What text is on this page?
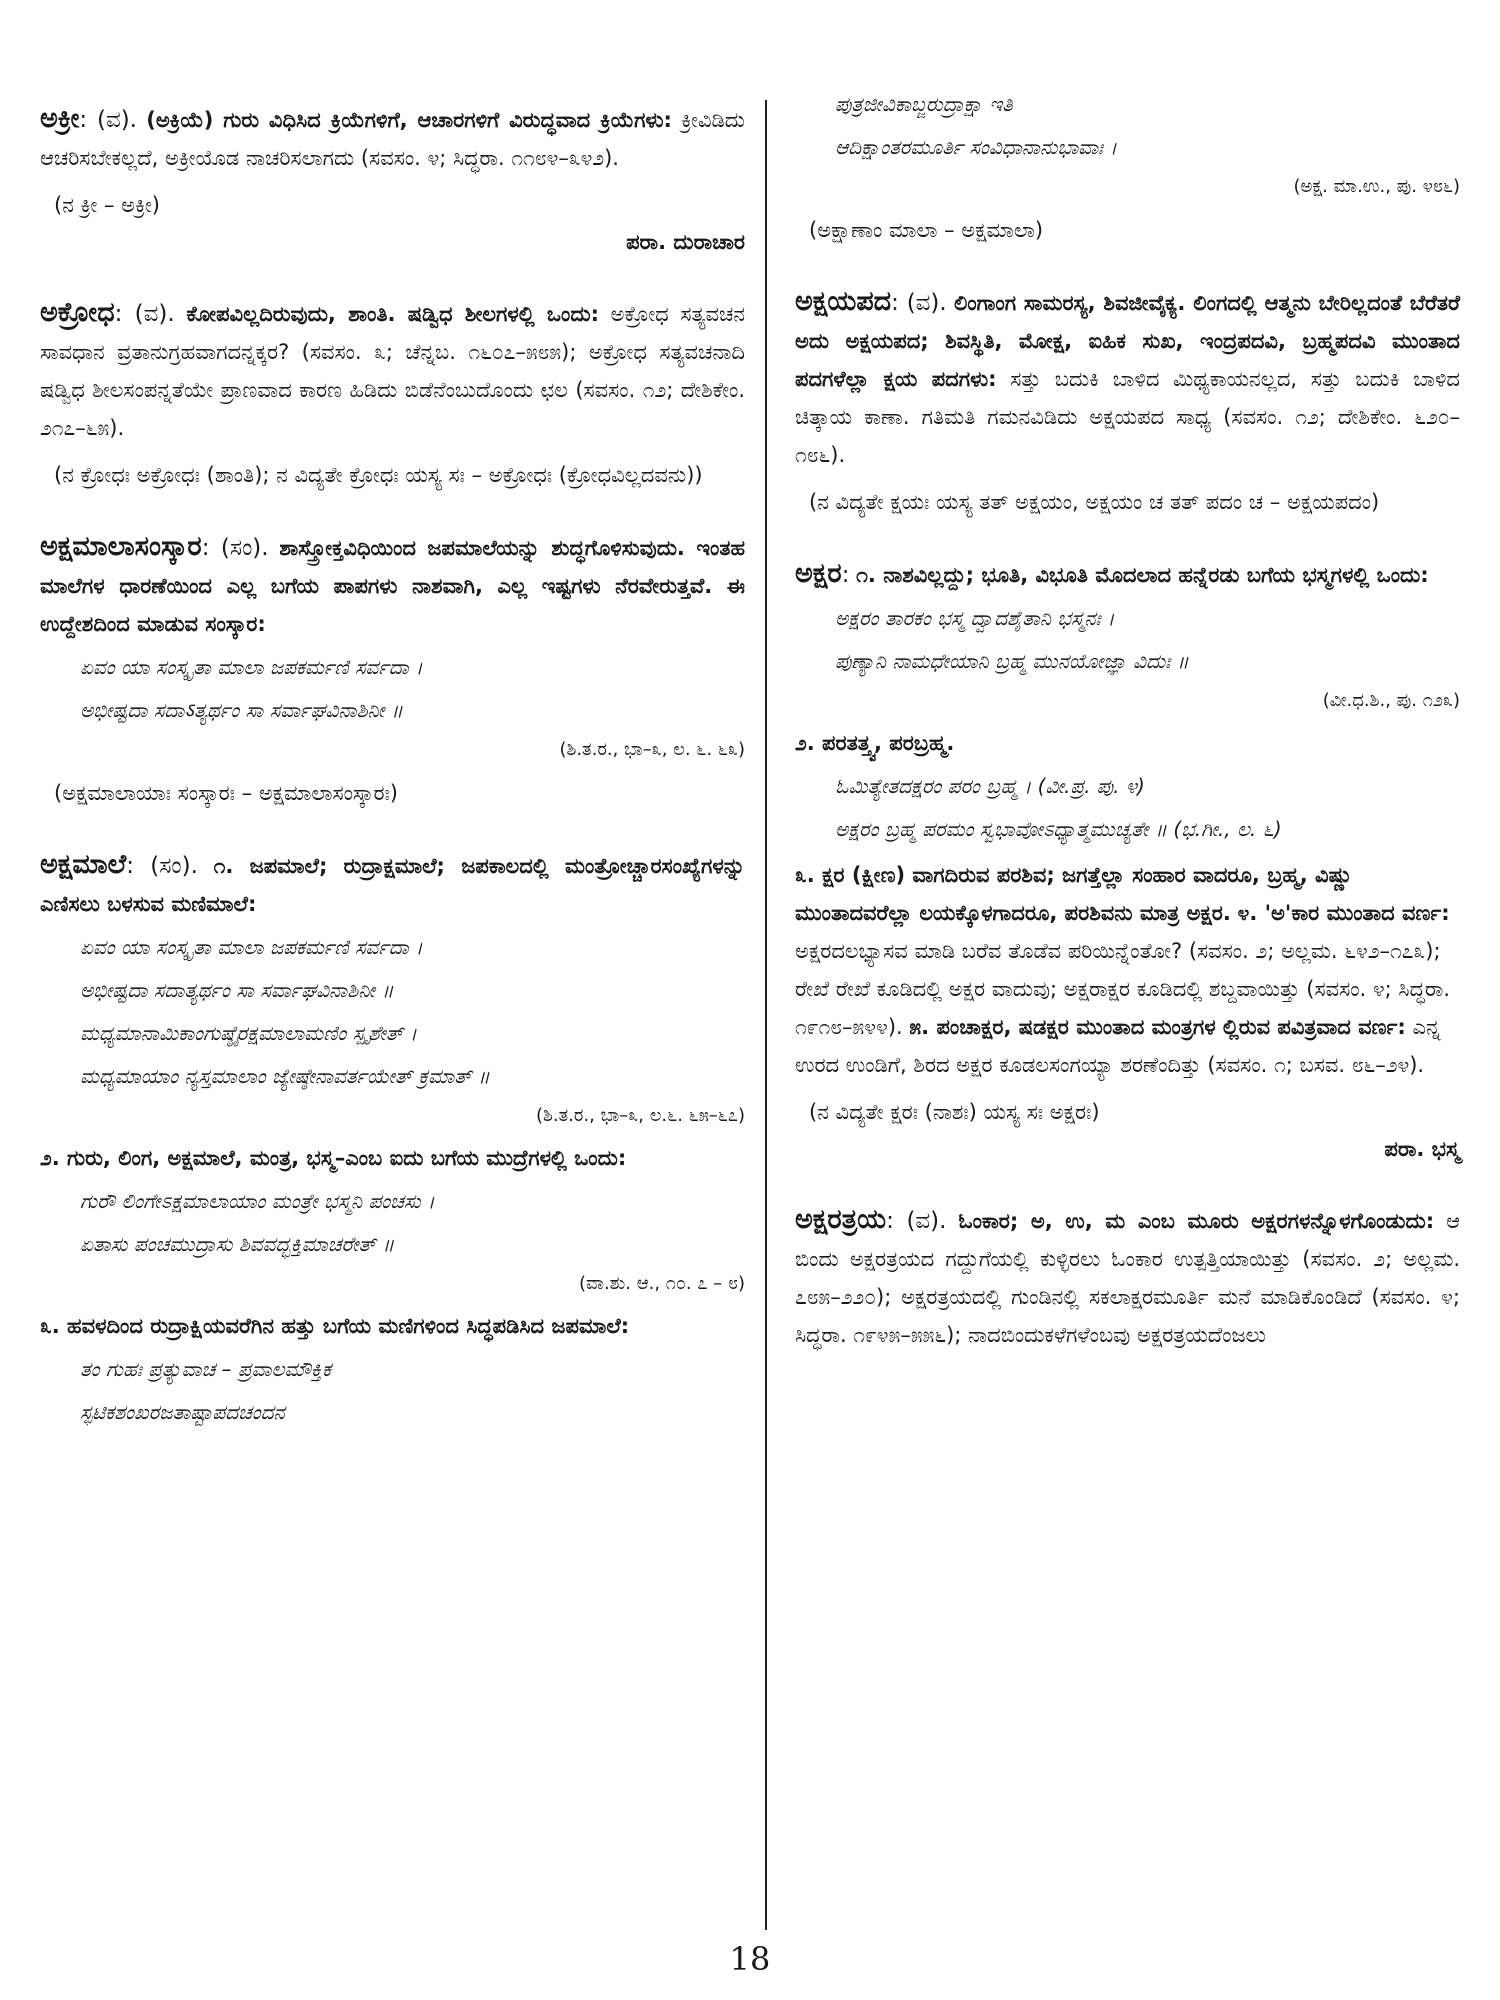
ಅಕ್ರೀ: (ವ). (ಅಕ್ರಿಯೆ) ಗುರು ವಿಧಿಸಿದ ಕ್ರಿಯೆಗಳಿಗೆ, ಆಚಾರಗಳಿಗೆ ವಿರುದ್ಧವಾದ ಕ್ರಿಯೆಗಳು: ಕ್ರೀವಿಡಿದು ಆಚರಿಸಬೇಕಲ್ಲದೆ, ಅಕ್ರೀಯೊಡ ನಾಚರಿಸಲಾಗದು (ಸವಸಂ. ೪; ಸಿದ್ಧರಾ. ೧೧೮೪–೩೪೨).

(ನ ಕ್ರೀ – ಅಕ್ರೀ)

ಪರಾ. ದುರಾಚಾರ

ಅಕ್ರೋಧ: (ವ). ಕೋಪವಿಲ್ಲದಿರುವುದು, ಶಾಂತಿ. ಷಡ್ವಿಧ ಶೀಲಗಳಲ್ಲಿ ಒಂದು: ಅಕ್ರೋಧ ಸತ್ಯವಚನ ಸಾವಧಾನ ವ್ರತಾನುಗ್ರಹವಾಗದನ್ನಕ್ಕರ? (ಸವಸಂ. ೩; ಚೆನ್ನಬ. ೧೬೦೭–೫೮೫); ಅಕ್ರೋಧ ಸತ್ಯವಚನಾದಿ ಷಡ್ವಿಧ ಶೀಲಸಂಪನ್ನತೆಯೇ ಪ್ರಾಣವಾದ ಕಾರಣ ಹಿಡಿದು ಬಿಡೆನೆಂಬುದೊಂದು ಛಲ (ಸವಸಂ. ೧೨; ದೇಶಿಕೇಂ. ೨೧೭–೬೫).

(ನ ಕ್ರೋಧಃ ಅಕ್ರೋಧಃ (ಶಾಂತಿ); ನ ವಿದ್ಯತೇ ಕ್ರೋಧಃ ಯಸ್ಯ ಸಃ – ಅಕ್ರೋಧಃ (ಕ್ರೋಧವಿಲ್ಲದವನು))

ಅಕ್ಷಮಾಲಾಸಂಸ್ಕಾರ: (ಸಂ). ಶಾಸ್ತ್ರೋಕ್ತವಿಧಿಯಿಂದ ಜಪಮಾಲೆಯನ್ನು ಶುದ್ಧಗೊಳಿಸುವುದು. ಇಂತಹ ಮಾಲೆಗಳ ಧಾರಣೆಯಿಂದ ಎಲ್ಲ ಬಗೆಯ ಪಾಪಗಳು ನಾಶವಾಗಿ, ಎಲ್ಲ ಇಷ್ಟಗಳು ನೆರವೇರುತ್ತವೆ. ಈ ಉದ್ದೇಶದಿಂದ ಮಾಡುವ ಸಂಸ್ಕಾರ:

ಏವಂ ಯಾ ಸಂಸ್ಕೃತಾ ಮಾಲಾ ಜಪಕರ್ಮಣಿ ಸರ್ವದಾ ।

ಅಭೀಷ್ಟದಾ ಸದಾऽತ್ಯರ್ಥಂ ಸಾ ಸರ್ವಾಘವಿನಾಶಿನೀ ॥

(ಶಿ.ತ.ರ., ಭಾ–೩, ಲ. ೬. ೬೩)

(ಅಕ್ಷಮಾಲಾಯಾಃ ಸಂಸ್ಕಾರಃ – ಅಕ್ಷಮಾಲಾಸಂಸ್ಕಾರಃ)

ಅಕ್ಷಮಾಲೆ: (ಸಂ). ೧. ಜಪಮಾಲೆ; ರುದ್ರಾಕ್ಷಮಾಲೆ; ಜಪಕಾಲದಲ್ಲಿ ಮಂತ್ರೋಚ್ಚಾರಸಂಖ್ಯೆಗಳನ್ನು ಎಣಿಸಲು ಬಳಸುವ ಮಣಿಮಾಲೆ:

ಏವಂ ಯಾ ಸಂಸ್ಕೃತಾ ಮಾಲಾ ಜಪಕರ್ಮಣಿ ಸರ್ವದಾ ।

ಅಭೀಷ್ಟದಾ ಸದಾತ್ಯರ್ಥಂ ಸಾ ಸರ್ವಾಘವಿನಾಶಿನೀ ॥

ಮಧ್ಯಮಾನಾಮಿಕಾಂಗುಷ್ಠೈರಕ್ಷಮಾಲಾಮಣಿಂ ಸ್ಪೃಶೇತ್ ।

ಮಧ್ಯಮಾಯಾಂ ನ್ಯಸ್ತಮಾಲಾಂ ಜ್ಯೇಷ್ಠೇನಾವರ್ತಯೇತ್ ಕ್ರಮಾತ್ ॥

(ಶಿ.ತ.ರ., ಭಾ–೩, ಲ.೬. ೬೫–೬೭)

೨. ಗುರು, ಲಿಂಗ, ಅಕ್ಷಮಾಲೆ, ಮಂತ್ರ, ಭಸ್ಮ–ಎಂಬ ಐದು ಬಗೆಯ ಮುದ್ರೆಗಳಲ್ಲಿ ಒಂದು:

ಗುರೌ ಲಿಂಗೇಽಕ್ಷಮಾಲಾಯಾಂ ಮಂತ್ರೇ ಭಸ್ಮನಿ ಪಂಚಸು ।

ಏತಾಸು ಪಂಚಮುದ್ರಾಸು ಶಿವವದ್ಭಕ್ತಿಮಾಚರೇತ್ ॥

(ವಾ.ಶು. ಆ., ೧೦. ೭ – ೮)

೩. ಹವಳದಿಂದ ರುದ್ರಾಕ್ಷಿಯವರೆಗಿನ ಹತ್ತು ಬಗೆಯ ಮಣಿಗಳಿಂದ ಸಿದ್ಧಪಡಿಸಿದ ಜಪಮಾಲೆ:

ತಂ ಗುಹಃ ಪ್ರತ್ಯುವಾಚ – ಪ್ರವಾಲಮೌಕ್ತಿಕ

ಸ್ಫಟಿಕಶಂಖರಜತಾಷ್ಟಾಪದಚಂದನ

ಪುತ್ರಜೀವಿಕಾಬ್ಜರುದ್ರಾಕ್ಷಾ ಇತಿ

ಆದಿಕ್ಷಾಂತರಮೂರ್ತಿ ಸಂವಿಧಾನಾನುಭಾವಾಃ ।

(ಅಕ್ಷ. ಮಾ.ಉ., ಪು. ೪೮೬)

(ಅಕ್ಷಾಣಾಂ ಮಾಲಾ – ಅಕ್ಷಮಾಲಾ)

ಅಕ್ಷಯಪದ: (ವ). ಲಿಂಗಾಂಗ ಸಾಮರಸ್ಯ, ಶಿವಜೀವೈಕ್ಯ. ಲಿಂಗದಲ್ಲಿ ಆತ್ಮನು ಬೇರಿಲ್ಲದಂತೆ ಬೆರೆತರೆ ಅದು ಅಕ್ಷಯಪದ; ಶಿವಸ್ಥಿತಿ, ಮೋಕ್ಷ, ಐಹಿಕ ಸುಖ, ಇಂದ್ರಪದವಿ, ಬ್ರಹ್ಮಪದವಿ ಮುಂತಾದ ಪದಗಳೆಲ್ಲಾ ಕ್ಷಯ ಪದಗಳು: ಸತ್ತು ಬದುಕಿ ಬಾಳಿದ ಮಿಥ್ಯಕಾಯನಲ್ಲದ, ಸತ್ತು ಬದುಕಿ ಬಾಳಿದ ಚಿತ್ಕಾಯ ಕಾಣಾ. ಗತಿಮತಿ ಗಮನವಿಡಿದು ಅಕ್ಷಯಪದ ಸಾಧ್ಯ (ಸವಸಂ. ೧೨; ದೇಶಿಕೇಂ. ೬೨೦–೧೮೬).

(ನ ವಿದ್ಯತೇ ಕ್ಷಯಃ ಯಸ್ಯ ತತ್ ಅಕ್ಷಯಂ, ಅಕ್ಷಯಂ ಚ ತತ್ ಪದಂ ಚ – ಅಕ್ಷಯಪದಂ)

ಅಕ್ಷರ: ೧. ನಾಶವಿಲ್ಲದ್ದು; ಭೂತಿ, ವಿಭೂತಿ ಮೊದಲಾದ ಹನ್ನೆರಡು ಬಗೆಯ ಭಸ್ಮಗಳಲ್ಲಿ ಒಂದು:

ಅಕ್ಷರಂ ತಾರಕಂ ಭಸ್ಮ ದ್ವಾದಶೈತಾನಿ ಭಸ್ಮನಃ ।

ಪುಣ್ಯಾನಿ ನಾಮಧೇಯಾನಿ ಬ್ರಹ್ಮ ಮುನಯೋಜ್ಞಾ ವಿದುಃ ॥

(ವೀ.ಧ.ಶಿ., ಪು. ೧೨೩)

೨. ಪರತತ್ತ್ವ, ಪರಬ್ರಹ್ಮ.

ಓಮಿತ್ಯೇತದಕ್ಷರಂ ಪರಂ ಬ್ರಹ್ಮ । (ವೀ.ಪ್ರ. ಪು. ೪)

ಅಕ್ಷರಂ ಬ್ರಹ್ಮ ಪರಮಂ ಸ್ವಭಾವೋಽಧ್ಯಾತ್ಮಮುಚ್ಯತೇ ॥ (ಭ.ಗೀ., ಲ. ೬)

೩. ಕ್ಷರ (ಕ್ಷೀಣ) ವಾಗದಿರುವ ಪರಶಿವ; ಜಗತ್ತೆಲ್ಲಾ ಸಂಹಾರ ವಾದರೂ, ಬ್ರಹ್ಮ, ವಿಷ್ಣು ಮುಂತಾದವರೆಲ್ಲಾ ಲಯಕ್ಕೊಳಗಾದರೂ, ಪರಶಿವನು ಮಾತ್ರ ಅಕ್ಷರ. ೪. 'ಅ'ಕಾರ ಮುಂತಾದ ವರ್ಣ: ಅಕ್ಷರದಲಭ್ಯಾಸವ ಮಾಡಿ ಬರೆವ ತೊಡೆವ ಪರಿಯಿನ್ನೆಂತೋ? (ಸವಸಂ. ೨; ಅಲ್ಲಮ. ೬೪೨–೧೭೩); ರೇಖೆ ರೇಖೆ ಕೂಡಿದಲ್ಲಿ ಅಕ್ಷರ ವಾದುವು; ಅಕ್ಷರಾಕ್ಷರ ಕೂಡಿದಲ್ಲಿ ಶಬ್ದವಾಯಿತ್ತು (ಸವಸಂ. ೪; ಸಿದ್ಧರಾ. ೧೯೧೮–೫೪೪). ೫. ಪಂಚಾಕ್ಷರ, ಷಡಕ್ಷರ ಮುಂತಾದ ಮಂತ್ರಗಳ ಲ್ಲಿರುವ ಪವಿತ್ರವಾದ ವರ್ಣ: ಎನ್ನ ಉರದ ಉಂಡಿಗೆ, ಶಿರದ ಅಕ್ಷರ ಕೂಡಲಸಂಗಯ್ಯಾ ಶರಣೆಂದಿತ್ತು (ಸವಸಂ. ೧; ಬಸವ. ೮೬–೨೪).

(ನ ವಿದ್ಯತೇ ಕ್ಷರಃ (ನಾಶಃ) ಯಸ್ಯ ಸಃ ಅಕ್ಷರಃ)

ಪರಾ. ಭಸ್ಮ

ಅಕ್ಷರತ್ರಯ: (ವ). ಓಂಕಾರ; ಅ, ಉ, ಮ ಎಂಬ ಮೂರು ಅಕ್ಷರಗಳನ್ನೊಳಗೊಂಡುದು: ಆ ಬಿಂದು ಅಕ್ಷರತ್ರಯದ ಗದ್ದುಗೆಯಲ್ಲಿ ಕುಳ್ಳಿರಲು ಓಂಕಾರ ಉತ್ಪತ್ತಿಯಾಯಿತ್ತು (ಸವಸಂ. ೨; ಅಲ್ಲಮ. ೭೮೫–೨೨೦); ಅಕ್ಷರತ್ರಯದಲ್ಲಿ ಗುಂಡಿನಲ್ಲಿ ಸಕಲಾಕ್ಷರಮೂರ್ತಿ ಮನೆ ಮಾಡಿಕೊಂಡಿದೆ (ಸವಸಂ. ೪; ಸಿದ್ಧರಾ. ೧೯೪೫–೫೫೬); ನಾದಬಿಂದುಕಳೆಗಳೆಂಬವು ಅಕ್ಷರತ್ರಯದೆಂಜಲು

18
